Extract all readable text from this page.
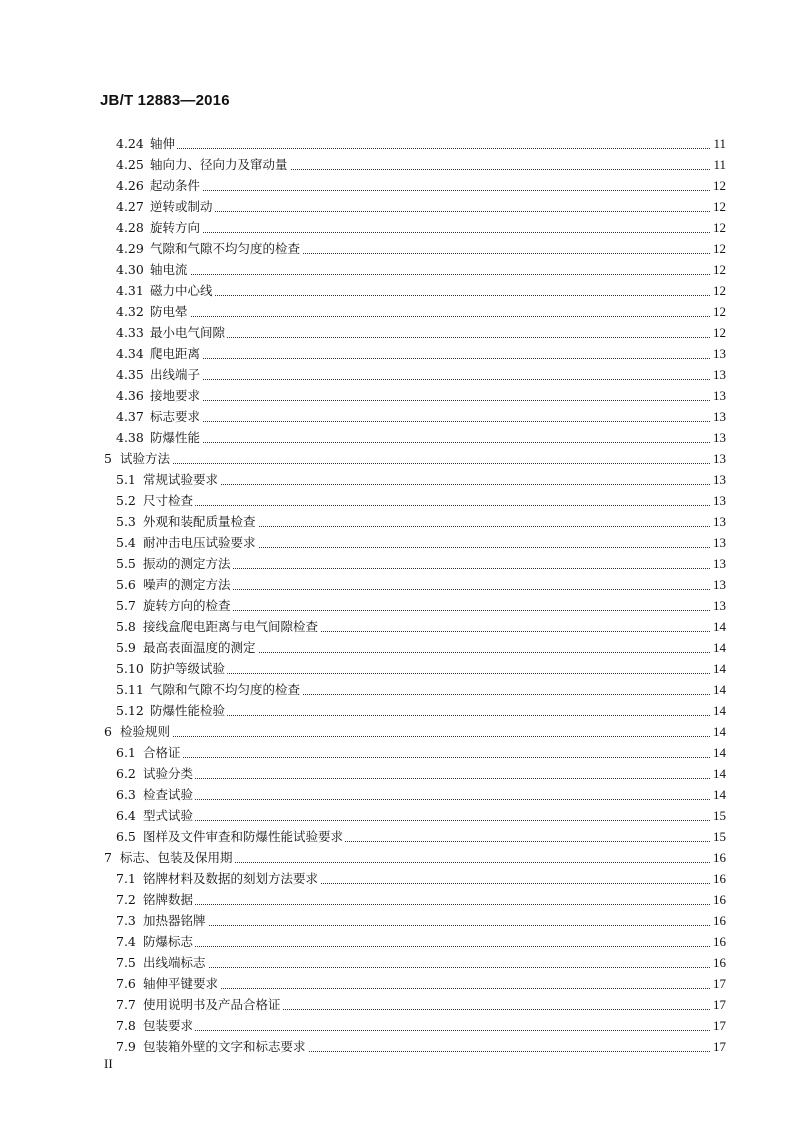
JB/T 12883—2016
4.24 轴伸	11
4.25 轴向力、径向力及窜动量	11
4.26 起动条件	12
4.27 逆转或制动	12
4.28 旋转方向	12
4.29 气隙和气隙不均匀度的检查	12
4.30 轴电流	12
4.31 磁力中心线	12
4.32 防电晕	12
4.33 最小电气间隙	12
4.34 爬电距离	13
4.35 出线端子	13
4.36 接地要求	13
4.37 标志要求	13
4.38 防爆性能	13
5 试验方法	13
5.1 常规试验要求	13
5.2 尺寸检查	13
5.3 外观和装配质量检查	13
5.4 耐冲击电压试验要求	13
5.5 振动的测定方法	13
5.6 噪声的测定方法	13
5.7 旋转方向的检查	13
5.8 接线盒爬电距离与电气间隙检查	14
5.9 最高表面温度的测定	14
5.10 防护等级试验	14
5.11 气隙和气隙不均匀度的检查	14
5.12 防爆性能检验	14
6 检验规则	14
6.1 合格证	14
6.2 试验分类	14
6.3 检查试验	14
6.4 型式试验	15
6.5 图样及文件审查和防爆性能试验要求	15
7 标志、包装及保用期	16
7.1 铭牌材料及数据的刻划方法要求	16
7.2 铭牌数据	16
7.3 加热器铭牌	16
7.4 防爆标志	16
7.5 出线端标志	16
7.6 轴伸平键要求	17
7.7 使用说明书及产品合格证	17
7.8 包装要求	17
7.9 包装箱外壁的文字和标志要求	17
II
